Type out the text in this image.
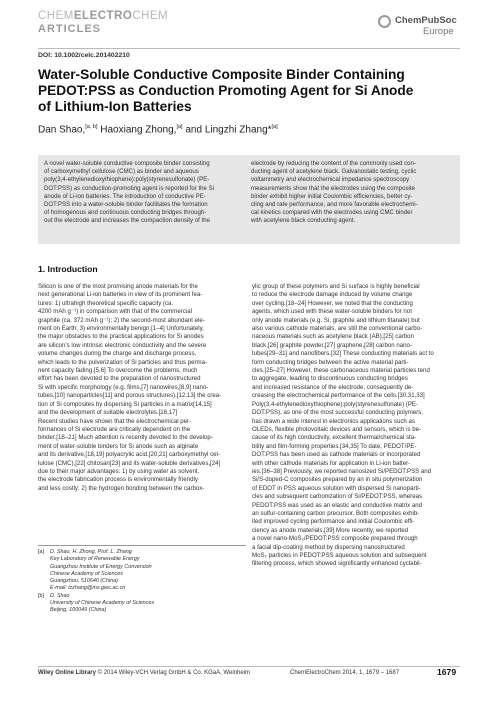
CHEMELECTROCHEM
ARTICLES
ChemPubSoc
Europe
DOI: 10.1002/celc.201402210
Water-Soluble Conductive Composite Binder Containing
PEDOT:PSS as Conduction Promoting Agent for Si Anode
of Lithium-Ion Batteries
Dan Shao,[a, b] Haoxiang Zhong,[a] and Lingzhi Zhang*[a]
A novel water-soluble conductive composite binder consisting
of carboxymethyl cellulose (CMC) as binder and aqueous
poly(3,4-ethylenedioxythiophene):poly(styrenesulfonate) (PE-
DOT:PSS) as conduction-promoting agent is reported for the Si
anode of Li-ion batteries. The introduction of conductive PE-
DOT:PSS into a water-soluble binder facilitates the formation
of homogenous and continuous conducting bridges through-
out the electrode and increases the compaction density of the
electrode by reducing the content of the commonly used con-
ducting agent of acetylene black. Galvanostatic testing, cyclic
voltammetry and electrochemical impedance spectroscopy
measurements show that the electrodes using the composite
binder exhibit higher initial Coulombic efficiencies, better cy-
cling and rate performance, and more favorable electrochemi-
cal kinetics compared with the electrodes using CMC binder
with acetylene black conducting agent.
1. Introduction
Silicon is one of the most promising anode materials for the
next generational Li-ion batteries in view of its prominent fea-
tures: 1) ultrahigh theoretical specific capacity (ca.
4200 mAh g⁻¹) in comparison with that of the commercial
graphite (ca. 372 mAh g⁻¹); 2) the second-most abundant ele-
ment on Earth; 3) environmentally benign.[1–4] Unfortunately,
the major obstacles to the practical applications for Si anodes
are silicon’s low intrinsic electronic conductivity and the severe
volume changes during the charge and discharge process,
which leads to the pulverization of Si particles and thus perma-
nent capacity fading.[5,6] To overcome the problems, much
effort has been devoted to the preparation of nanostructured
Si with specific morphology (e.g. films,[7] nanowires,[8,9] nano-
tubes,[10] nanoparticles[11] and porous structures),[12,13] the crea-
tion of Si composites by dispersing Si particles in a matrix[14,15]
and the development of suitable electrolytes.[16,17]
Recent studies have shown that the electrochemical per-
formances of Si electrode are critically dependent on the
binder.[18–21] Much attention is recently devoted to the develop-
ment of water-soluble binders for Si anode such as alginate
and its derivative,[18,19] polyacrylic acid,[20,21] carboxymethyl cel-
lulose (CMC),[22] chitosan[23] and its water-soluble derivatives,[24]
due to their major advantages: 1) by using water as solvent,
the electrode fabrication process is environmentally friendly
and less costly; 2) the hydrogen bonding between the carbox-
ylic group of these polymers and Si surface is highly beneficial
to reduce the electrode damage induced by volume change
over cycling.[18–24] However, we noted that the conducting
agents, which used with these water-soluble binders for not
only anode materials (e.g. Si, graphite and lithium titanate) but
also various cathode materials, are still the conventional carbo-
naceous materials such as acetylene black (AB),[25] carbon
black,[26] graphite powder,[27] graphene,[28] carbon nano-
tubes[29–31] and nanofibers.[32] These conducting materials act to
form conducting bridges between the active material parti-
cles.[25–27] However, these carbonaceous material particles tend
to aggregate, leading to discontinuous conducting bridges
and increased resistance of the electrode, consequently de-
creasing the electrochemical performance of the cells.[30,31,33]
Poly(3,4-ethylenedioxythiophene):poly(styrenesulfonate) (PE-
DOT:PSS), as one of the most successful conducting polymers,
has drawn a wide interest in electronics applications such as
OLEDs, flexible photovoltaic devices and sensors, which is be-
cause of its high conductivity, excellent thermal/chemical sta-
bility and film-forming properties.[34,35] To date, PEDOT/PE-
DOT:PSS has been used as cathode materials or incorporated
with other cathode materials for application in Li-ion batter-
ies.[36–38] Previously, we reported nanosized Si/PEDOT:PSS and
Si/S-doped-C composites prepared by an in situ polymerization
of EDOT in PSS aqueous solution with dispersed Si nanoparti-
cles and subsequent carbonization of Si/PEDOT:PSS, whereas
PEDOT:PSS was used as an elastic and conductive matrix and
an sulfur-containing carbon precursor. Both composites exhib-
ited improved cycling performance and initial Coulombic effi-
ciency as anode materials.[39] More recently, we reported
a novel nano-MoS₂/PEDOT:PSS composite prepared through
a facial dip-coating method by dispersing nanostructured
MoS₂ particles in PEDOT:PSS aqueous solution and subsequent
filtering process, which showed significantly enhanced cyclabil-
[a]	D. Shao, H. Zhong, Prof. L. Zhang
Key Laboratory of Renewable Energy
Guangzhou Institute of Energy Conversion
Chinese Academy of Sciences
Guangzhou, 510640 (China)
E-mail: lzzhang@ms.giec.ac.cn
[b]	D. Shao
University of Chinese Academy of Sciences
Beijing, 100049 (China)
Wiley Online Library © 2014 Wiley-VCH Verlag GmbH & Co. KGaA, Weinheim	ChemElectroChem 2014, 1, 1679 – 1687	1679
